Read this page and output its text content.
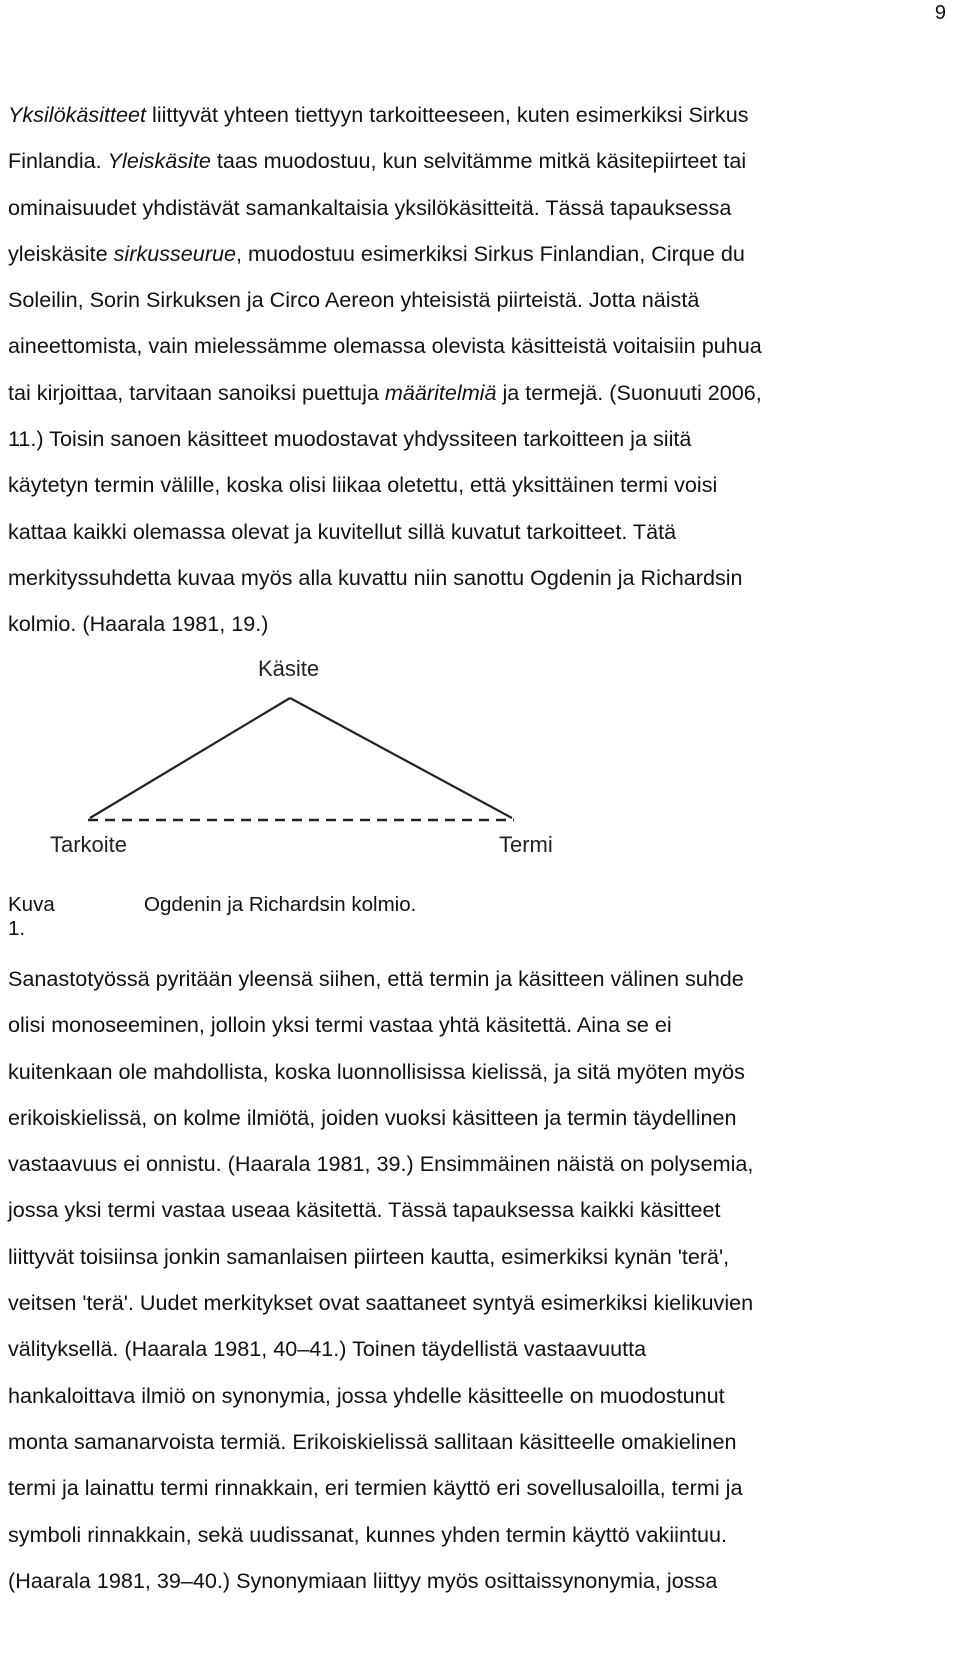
9
Yksilökäsitteet liittyvät yhteen tiettyyn tarkoitteeseen, kuten esimerkiksi Sirkus
Finlandia. Yleiskäsite taas muodostuu, kun selvitämme mitkä käsitepiirteet tai
ominaisuudet yhdistävät samankaltaisia yksilökäsitteitä. Tässä tapauksessa
yleiskäsite sirkusseurue, muodostuu esimerkiksi Sirkus Finlandian, Cirque du
Soleilin, Sorin Sirkuksen ja Circo Aereon yhteisistä piirteistä. Jotta näistä
aineettomista, vain mielessämme olemassa olevista käsitteistä voitaisiin puhua
tai kirjoittaa, tarvitaan sanoiksi puettuja määritelmiä ja termejä. (Suonuuti 2006,
11.) Toisin sanoen käsitteet muodostavat yhdyssiteen tarkoitteen ja siitä
käytetyn termin välille, koska olisi liikaa oletettu, että yksittäinen termi voisi
kattaa kaikki olemassa olevat ja kuvitellut sillä kuvatut tarkoitteet. Tätä
merkityssuhdetta kuvaa myös alla kuvattu niin sanottu Ogdenin ja Richardsin
kolmio. (Haarala 1981, 19.)
Käsite
Tarkoite	Termi
Kuva 1.
Ogdenin ja Richardsin kolmio.
Sanastotyössä pyritään yleensä siihen, että termin ja käsitteen välinen suhde
olisi monoseeminen, jolloin yksi termi vastaa yhtä käsitettä. Aina se ei
kuitenkaan ole mahdollista, koska luonnollisissa kielissä, ja sitä myöten myös
erikoiskielissä, on kolme ilmiötä, joiden vuoksi käsitteen ja termin täydellinen
vastaavuus ei onnistu. (Haarala 1981, 39.) Ensimmäinen näistä on polysemia,
jossa yksi termi vastaa useaa käsitettä. Tässä tapauksessa kaikki käsitteet
liittyvät toisiinsa jonkin samanlaisen piirteen kautta, esimerkiksi kynän 'terä',
veitsen 'terä'. Uudet merkitykset ovat saattaneet syntyä esimerkiksi kielikuvien
välityksellä. (Haarala 1981, 40–41.) Toinen täydellistä vastaavuutta
hankaloittava ilmiö on synonymia, jossa yhdelle käsitteelle on muodostunut
monta samanarvoista termiä. Erikoiskielissä sallitaan käsitteelle omakielinen
termi ja lainattu termi rinnakkain, eri termien käyttö eri sovellusaloilla, termi ja
symboli rinnakkain, sekä uudissanat, kunnes yhden termin käyttö vakiintuu.
(Haarala 1981, 39–40.) Synonymiaan liittyy myös osittaissynonymia, jossa
